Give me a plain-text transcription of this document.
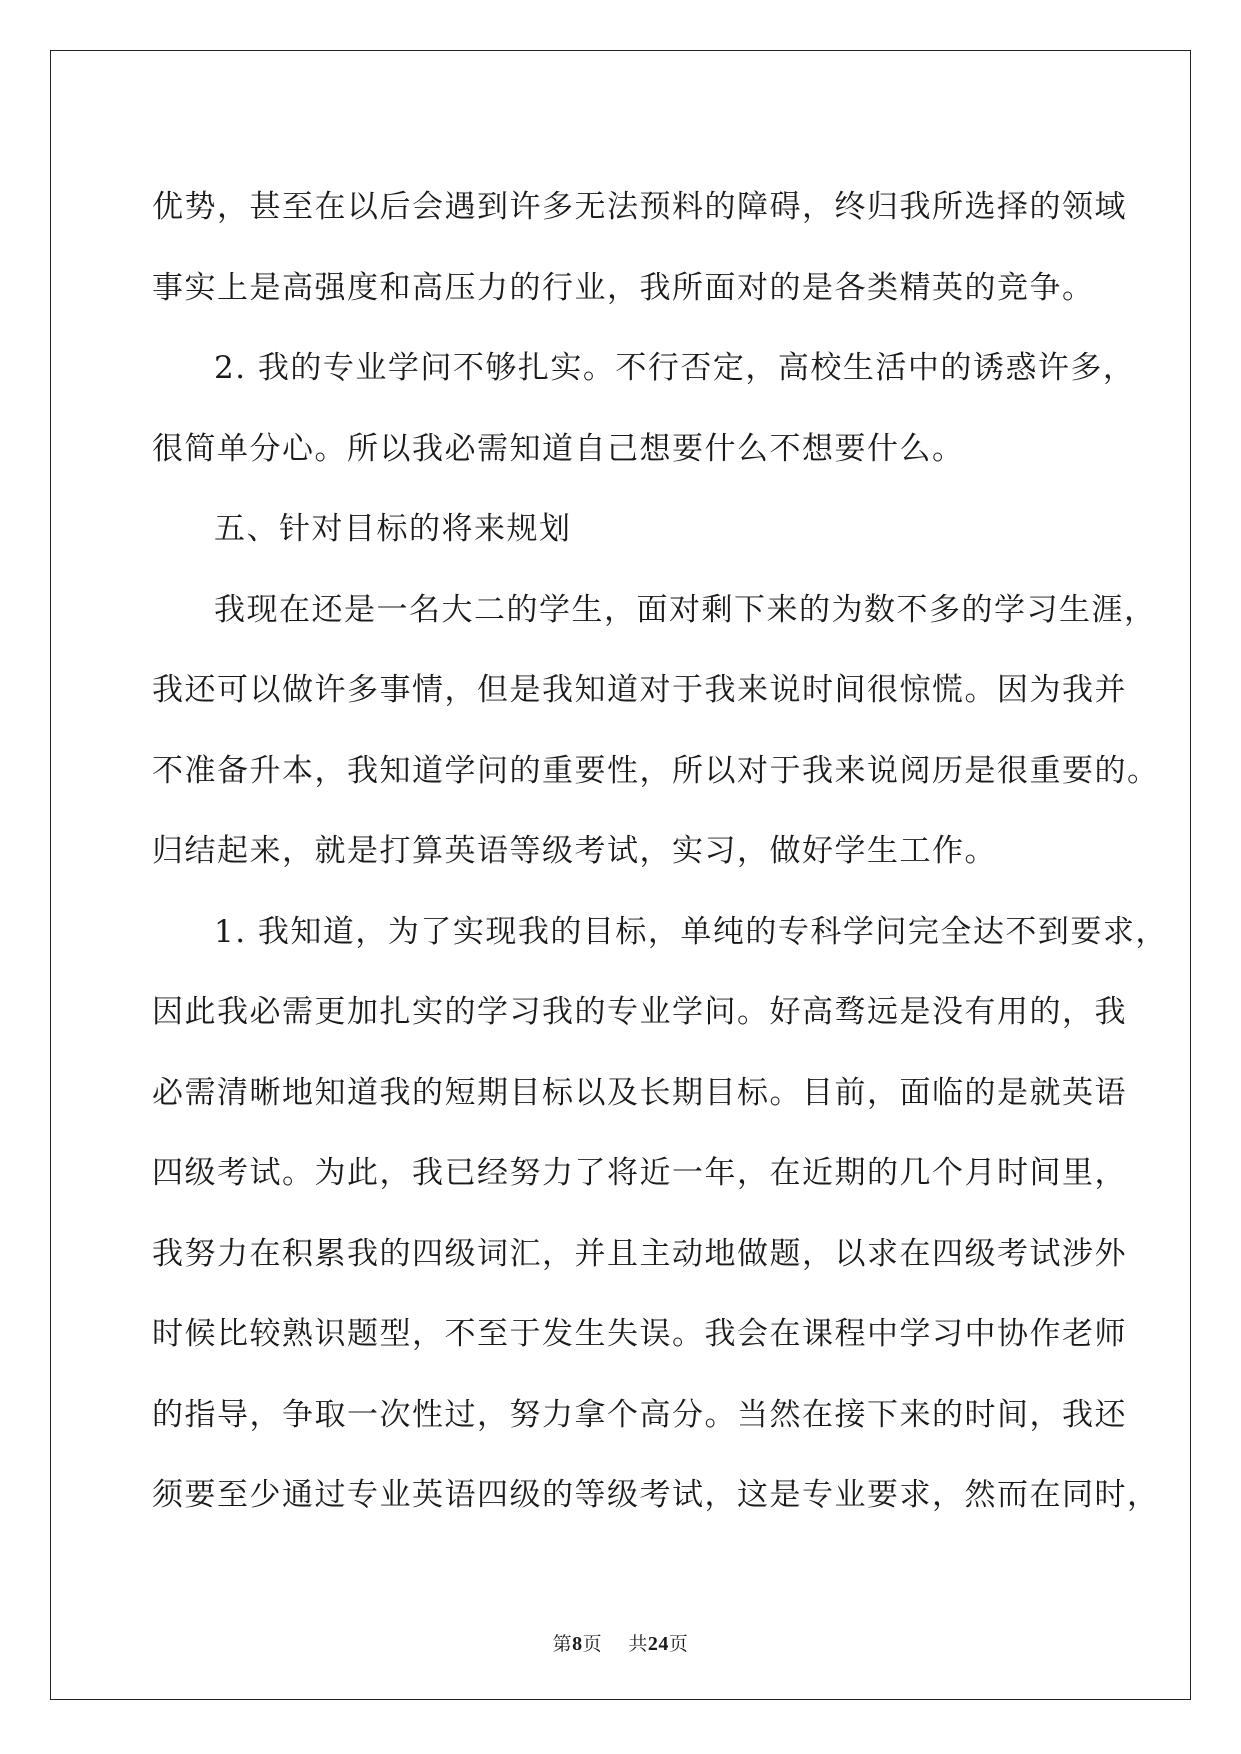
优势，甚至在以后会遇到许多无法预料的障碍，终归我所选择的领域
事实上是高强度和高压力的行业，我所面对的是各类精英的竞争。
2. 我的专业学问不够扎实。不行否定，高校生活中的诱惑许多，
很简单分心。所以我必需知道自己想要什么不想要什么。
五、针对目标的将来规划
我现在还是一名大二的学生，面对剩下来的为数不多的学习生涯，
我还可以做许多事情，但是我知道对于我来说时间很惊慌。因为我并
不准备升本，我知道学问的重要性，所以对于我来说阅历是很重要的。
归结起来，就是打算英语等级考试，实习，做好学生工作。
1. 我知道，为了实现我的目标，单纯的专科学问完全达不到要求，
因此我必需更加扎实的学习我的专业学问。好高骛远是没有用的，我
必需清晰地知道我的短期目标以及长期目标。目前，面临的是就英语
四级考试。为此，我已经努力了将近一年，在近期的几个月时间里，
我努力在积累我的四级词汇，并且主动地做题，以求在四级考试涉外
时候比较熟识题型，不至于发生失误。我会在课程中学习中协作老师
的指导，争取一次性过，努力拿个高分。当然在接下来的时间，我还
须要至少通过专业英语四级的等级考试，这是专业要求，然而在同时，
第8页 共24页
